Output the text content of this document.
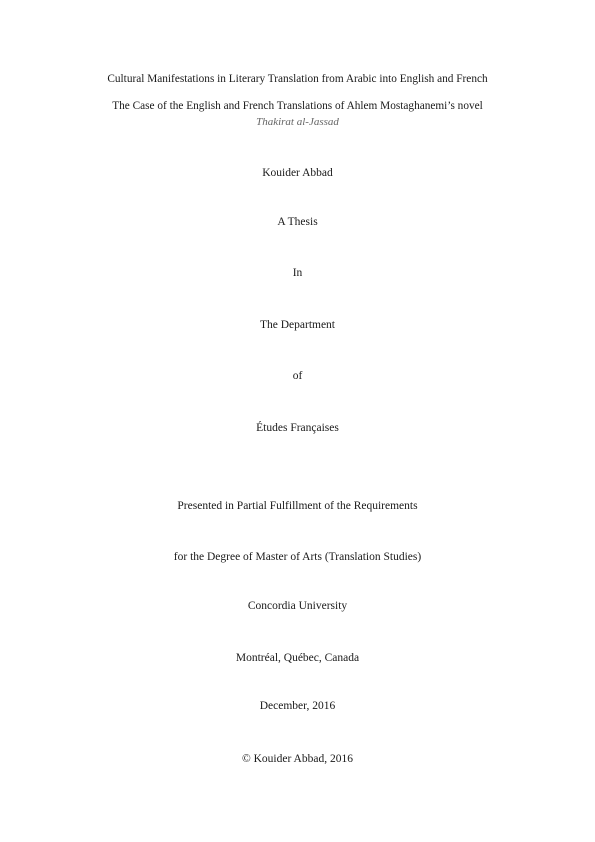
Cultural Manifestations in Literary Translation from Arabic into English and French
The Case of the English and French Translations of Ahlem Mostaghanemi’s novel
Thakirat al-Jassad
Kouider Abbad
A Thesis
In
The Department
of
Études Françaises
Presented in Partial Fulfillment of the Requirements
for the Degree of Master of Arts (Translation Studies)
Concordia University
Montréal, Québec, Canada
December, 2016
© Kouider Abbad, 2016
